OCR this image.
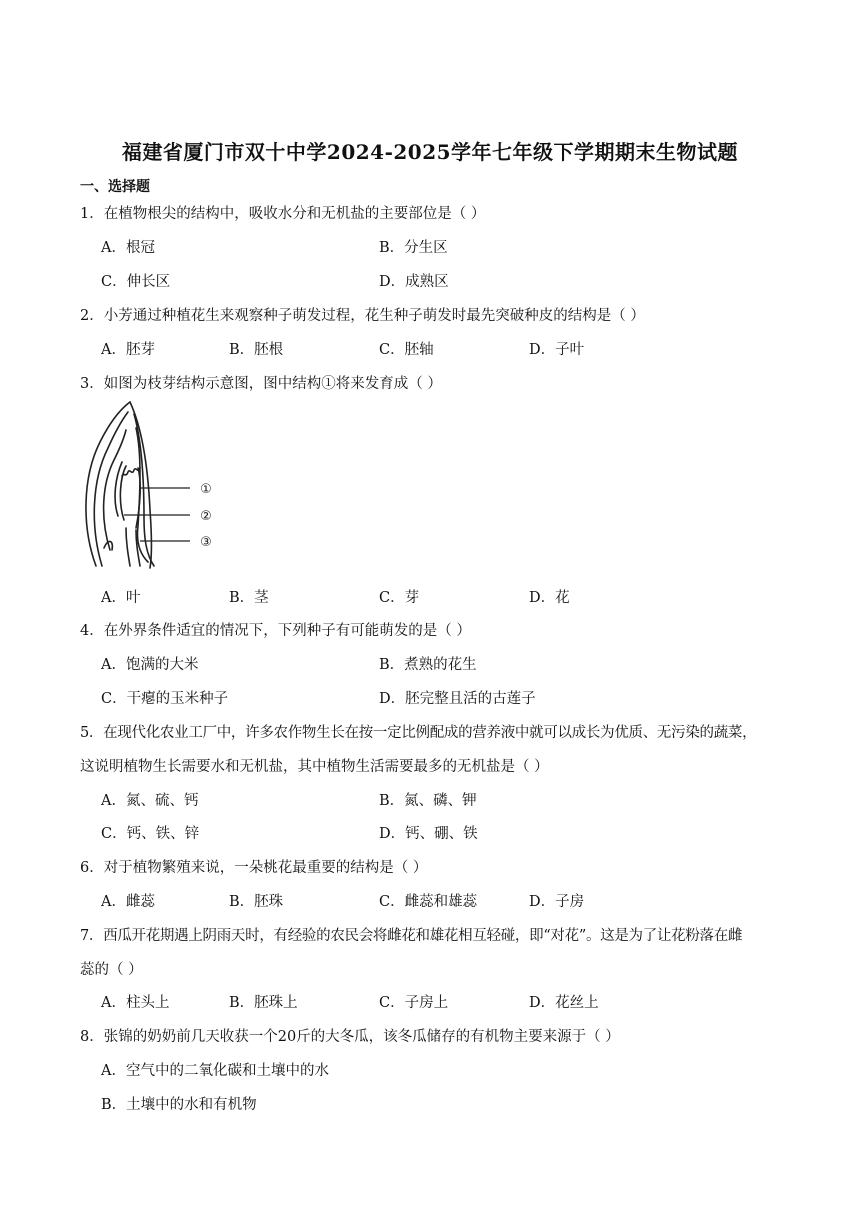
福建省厦门市双十中学2024-2025学年七年级下学期期末生物试题
一、选择题
1．在植物根尖的结构中，吸收水分和无机盐的主要部位是（ ）
A．根冠	B．分生区
C．伸长区	D．成熟区
2．小芳通过种植花生来观察种子萌发过程，花生种子萌发时最先突破种皮的结构是（ ）
A．胚芽	B．胚根	C．胚轴	D．子叶
3．如图为枝芽结构示意图，图中结构①将来发育成（ ）
①
②
③
A．叶	B．茎	C．芽	D．花
4．在外界条件适宜的情况下，下列种子有可能萌发的是（ ）
A．饱满的大米	B．煮熟的花生
C．干瘪的玉米种子	D．胚完整且活的古莲子
5．在现代化农业工厂中，许多农作物生长在按一定比例配成的营养液中就可以成长为优质、无污染的蔬菜，
这说明植物生长需要水和无机盐，其中植物生活需要最多的无机盐是（ ）
A．氮、硫、钙	B．氮、磷、钾
C．钙、铁、锌	D．钙、硼、铁
6．对于植物繁殖来说，一朵桃花最重要的结构是（ ）
A．雌蕊	B．胚珠	C．雌蕊和雄蕊	D．子房
7．西瓜开花期遇上阴雨天时，有经验的农民会将雌花和雄花相互轻碰，即“对花”。这是为了让花粉落在雌
蕊的（ ）
A．柱头上	B．胚珠上	C．子房上	D．花丝上
8．张锦的奶奶前几天收获一个20斤的大冬瓜，该冬瓜储存的有机物主要来源于（ ）
A．空气中的二氧化碳和土壤中的水
B．土壤中的水和有机物
